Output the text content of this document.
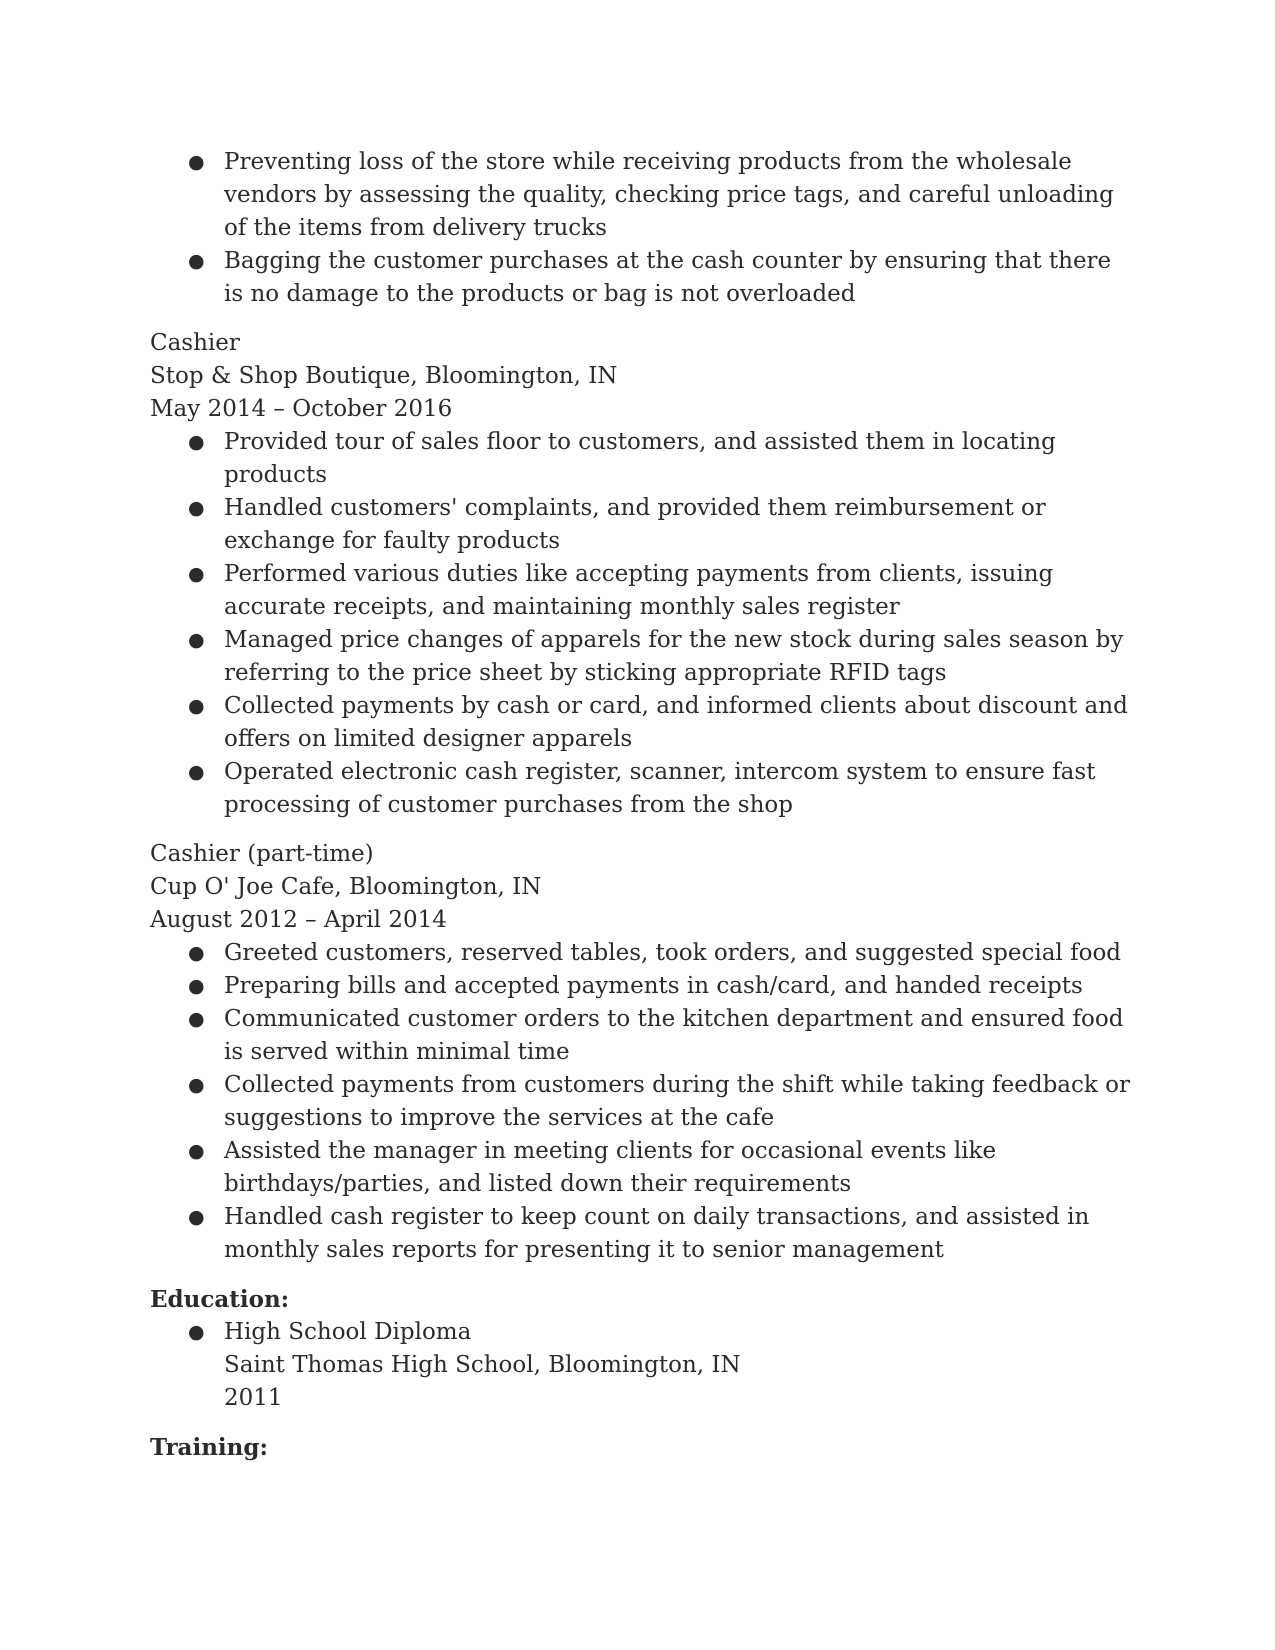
● Preventing loss of the store while receiving products from the wholesale vendors by assessing the quality, checking price tags, and careful unloading of the items from delivery trucks
● Bagging the customer purchases at the cash counter by ensuring that there is no damage to the products or bag is not overloaded
Cashier
Stop & Shop Boutique, Bloomington, IN
May 2014 – October 2016
● Provided tour of sales floor to customers, and assisted them in locating products
● Handled customers' complaints, and provided them reimbursement or exchange for faulty products
● Performed various duties like accepting payments from clients, issuing accurate receipts, and maintaining monthly sales register
● Managed price changes of apparels for the new stock during sales season by referring to the price sheet by sticking appropriate RFID tags
● Collected payments by cash or card, and informed clients about discount and offers on limited designer apparels
● Operated electronic cash register, scanner, intercom system to ensure fast processing of customer purchases from the shop
Cashier (part-time)
Cup O' Joe Cafe, Bloomington, IN
August 2012 – April 2014
● Greeted customers, reserved tables, took orders, and suggested special food
● Preparing bills and accepted payments in cash/card, and handed receipts
● Communicated customer orders to the kitchen department and ensured food is served within minimal time
● Collected payments from customers during the shift while taking feedback or suggestions to improve the services at the cafe
● Assisted the manager in meeting clients for occasional events like birthdays/parties, and listed down their requirements
● Handled cash register to keep count on daily transactions, and assisted in monthly sales reports for presenting it to senior management
Education:
● High School Diploma
Saint Thomas High School, Bloomington, IN
2011
Training:
